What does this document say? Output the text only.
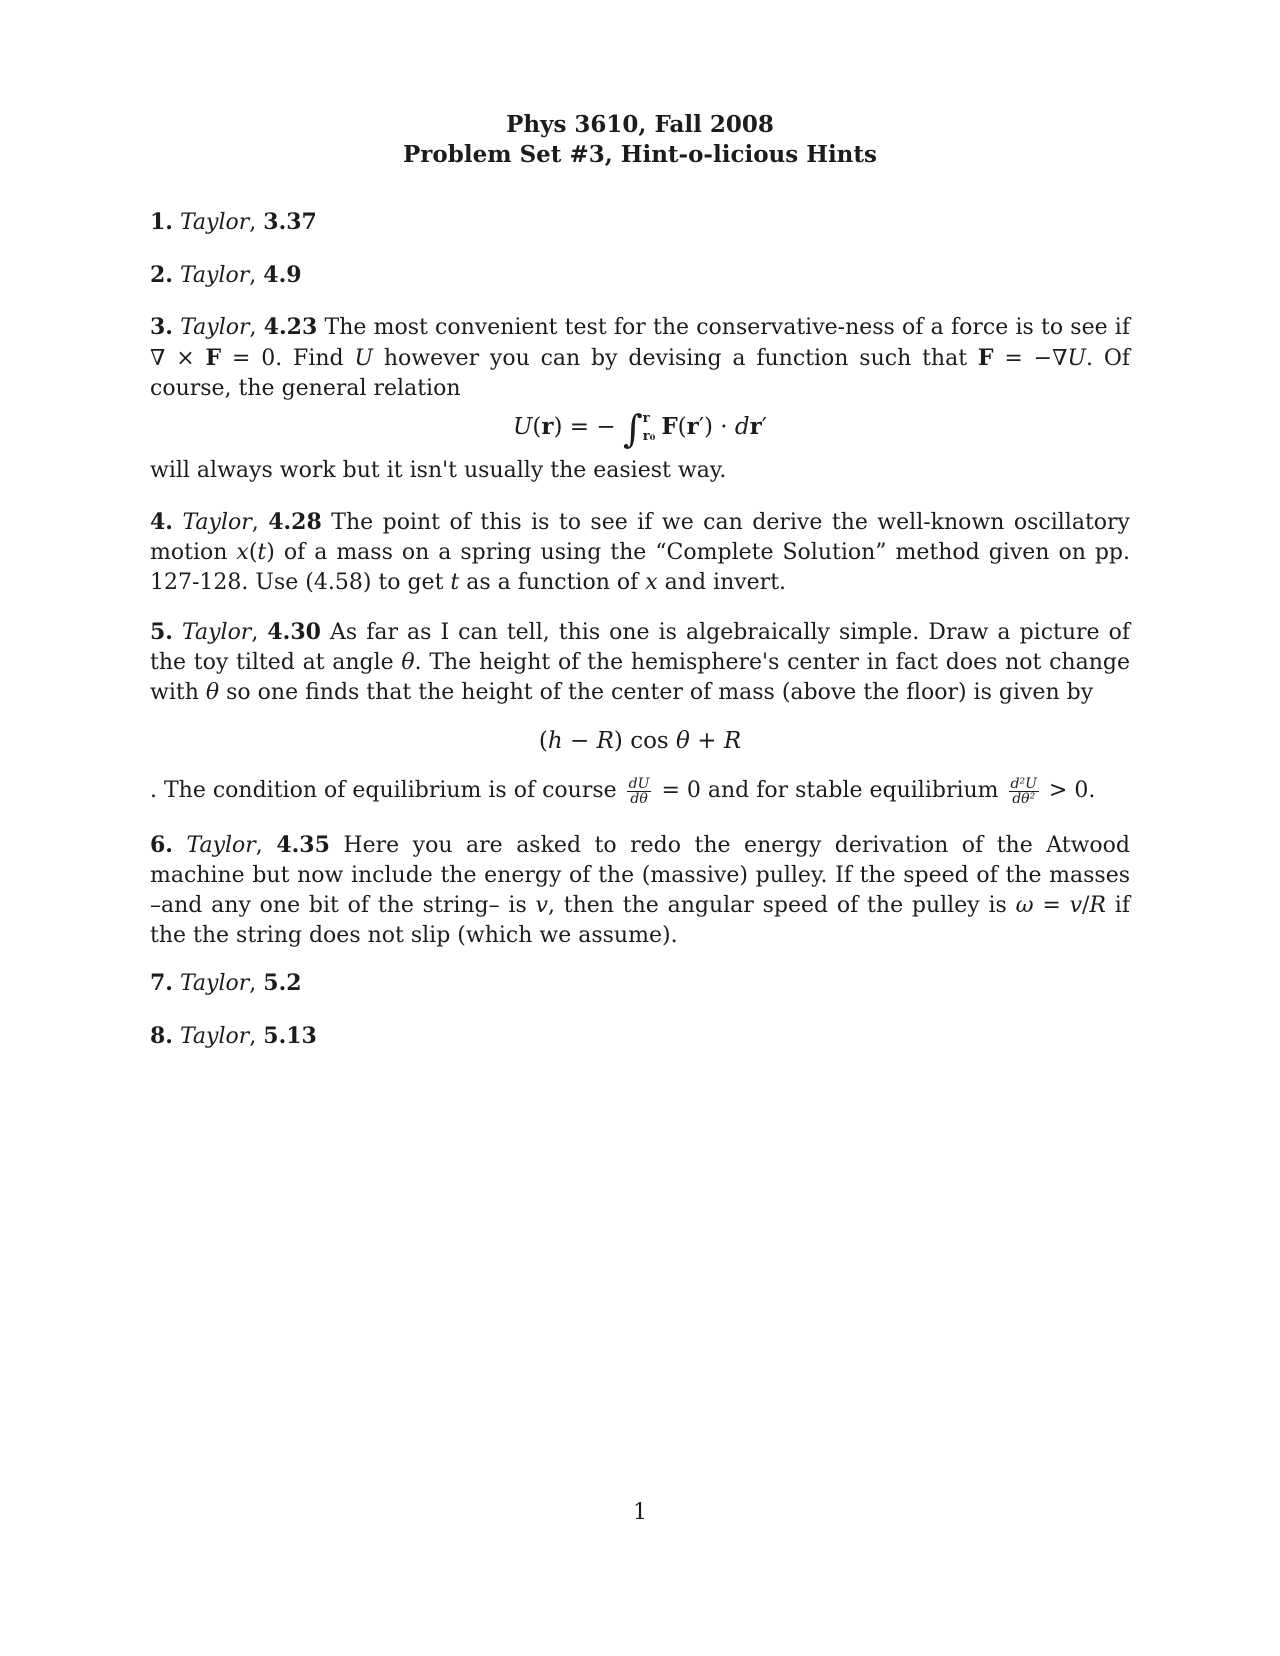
Phys 3610, Fall 2008
Problem Set #3, Hint-o-licious Hints
1. Taylor, 3.37
2. Taylor, 4.9
3. Taylor, 4.23 The most convenient test for the conservative-ness of a force is to see if ∇ × F = 0. Find U however you can by devising a function such that F = −∇U. Of course, the general relation
U(r) = − ∫ r
r₀ F(r′) · dr′
will always work but it isn't usually the easiest way.
4. Taylor, 4.28 The point of this is to see if we can derive the well-known oscillatory motion x(t) of a mass on a spring using the “Complete Solution” method given on pp. 127-128. Use (4.58) to get t as a function of x and invert.
5. Taylor, 4.30 As far as I can tell, this one is algebraically simple. Draw a picture of the toy tilted at angle θ. The height of the hemisphere's center in fact does not change with θ so one finds that the height of the center of mass (above the floor) is given by
(h − R) cos θ + R
. The condition of equilibrium is of course $\frac{dU}{d\theta} = 0$ and for stable equilibrium $\frac{\text{d²U}}{\text{dθ²}} > 0$.
6. Taylor, 4.35 Here you are asked to redo the energy derivation of the Atwood machine but now include the energy of the (massive) pulley. If the speed of the masses –and any one bit of the string– is v, then the angular speed of the pulley is ω = v/R if the the string does not slip (which we assume).
7. Taylor, 5.2
8. Taylor, 5.13
1
